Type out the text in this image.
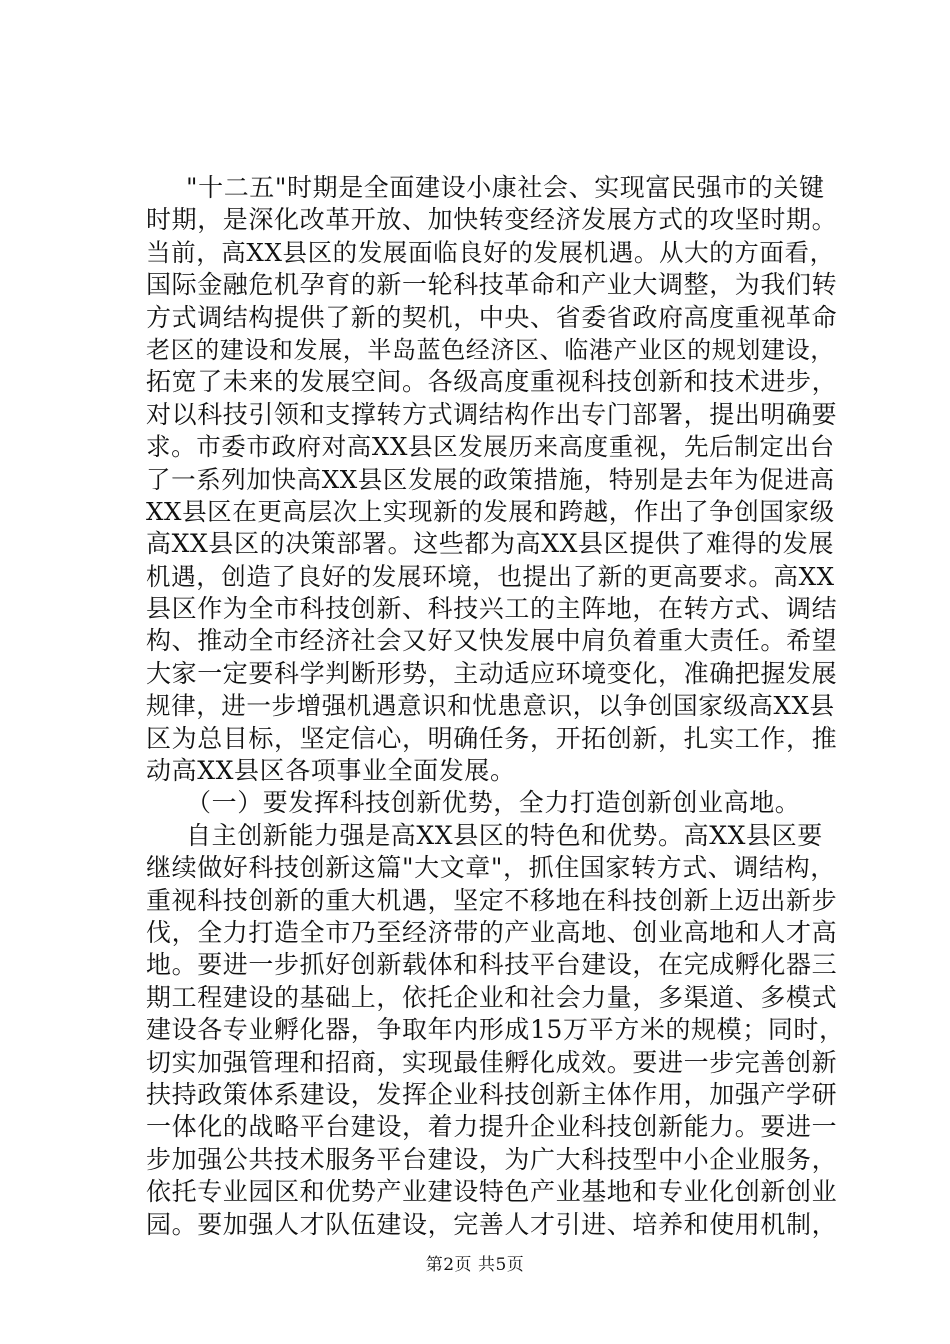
"十二五"时期是全面建设小康社会、实现富民强市的关键
时期，是深化改革开放、加快转变经济发展方式的攻坚时期。
当前，高XX县区的发展面临良好的发展机遇。从大的方面看，
国际金融危机孕育的新一轮科技革命和产业大调整，为我们转
方式调结构提供了新的契机，中央、省委省政府高度重视革命
老区的建设和发展，半岛蓝色经济区、临港产业区的规划建设，
拓宽了未来的发展空间。各级高度重视科技创新和技术进步，
对以科技引领和支撑转方式调结构作出专门部署，提出明确要
求。市委市政府对高XX县区发展历来高度重视，先后制定出台
了一系列加快高XX县区发展的政策措施，特别是去年为促进高
XX县区在更高层次上实现新的发展和跨越，作出了争创国家级
高XX县区的决策部署。这些都为高XX县区提供了难得的发展
机遇，创造了良好的发展环境，也提出了新的更高要求。高XX
县区作为全市科技创新、科技兴工的主阵地，在转方式、调结
构、推动全市经济社会又好又快发展中肩负着重大责任。希望
大家一定要科学判断形势，主动适应环境变化，准确把握发展
规律，进一步增强机遇意识和忧患意识，以争创国家级高XX县
区为总目标，坚定信心，明确任务，开拓创新，扎实工作，推
动高XX县区各项事业全面发展。
（一）要发挥科技创新优势，全力打造创新创业高地。
自主创新能力强是高XX县区的特色和优势。高XX县区要
继续做好科技创新这篇"大文章"，抓住国家转方式、调结构，
重视科技创新的重大机遇，坚定不移地在科技创新上迈出新步
伐，全力打造全市乃至经济带的产业高地、创业高地和人才高
地。要进一步抓好创新载体和科技平台建设，在完成孵化器三
期工程建设的基础上，依托企业和社会力量，多渠道、多模式
建设各专业孵化器，争取年内形成15万平方米的规模；同时，
切实加强管理和招商，实现最佳孵化成效。要进一步完善创新
扶持政策体系建设，发挥企业科技创新主体作用，加强产学研
一体化的战略平台建设，着力提升企业科技创新能力。要进一
步加强公共技术服务平台建设，为广大科技型中小企业服务，
依托专业园区和优势产业建设特色产业基地和专业化创新创业
园。要加强人才队伍建设，完善人才引进、培养和使用机制，
第2页 共5页
